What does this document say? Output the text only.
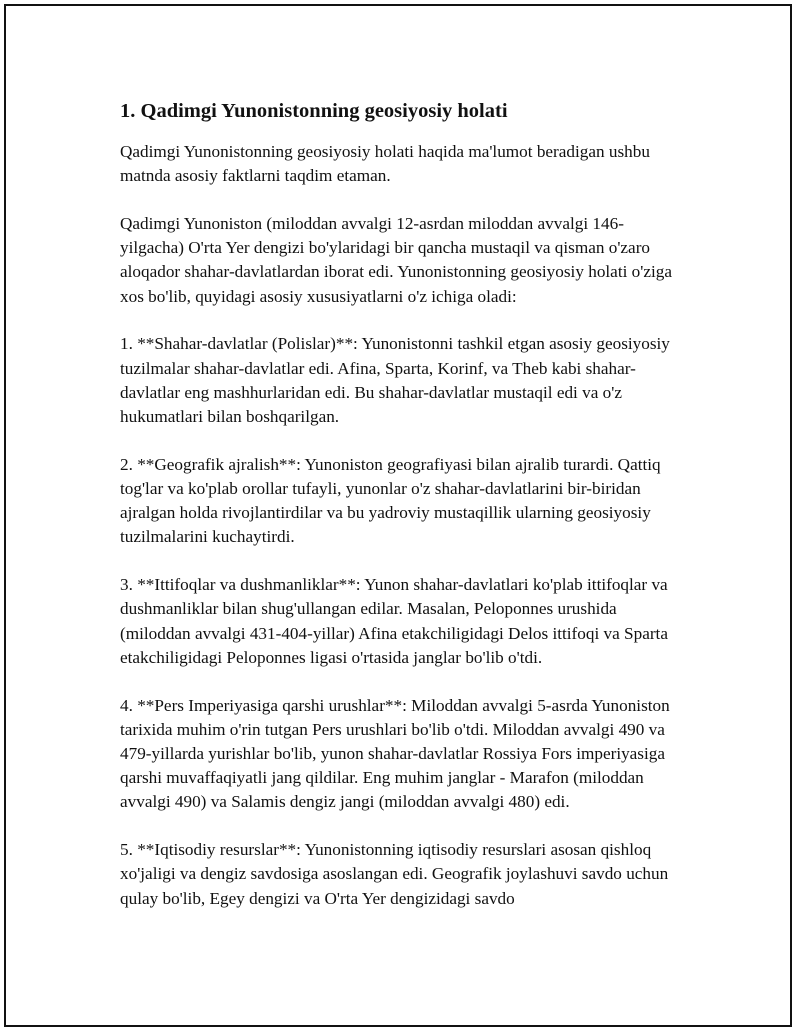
1. Qadimgi Yunonistonning geosiyosiy holati
Qadimgi Yunonistonning geosiyosiy holati haqida ma'lumot beradigan ushbu matnda asosiy faktlarni taqdim etaman.
Qadimgi Yunoniston (miloddan avvalgi 12-asrdan miloddan avvalgi 146-yilgacha) O'rta Yer dengizi bo'ylaridagi bir qancha mustaqil va qisman o'zaro aloqador shahar-davlatlardan iborat edi. Yunonistonning geosiyosiy holati o'ziga xos bo'lib, quyidagi asosiy xususiyatlarni o'z ichiga oladi:
1. **Shahar-davlatlar (Polislar)**: Yunonistonni tashkil etgan asosiy geosiyosiy tuzilmalar shahar-davlatlar edi. Afina, Sparta, Korinf, va Theb kabi shahar-davlatlar eng mashhurlaridan edi. Bu shahar-davlatlar mustaqil edi va o'z hukumatlari bilan boshqarilgan.
2. **Geografik ajralish**: Yunoniston geografiyasi bilan ajralib turardi. Qattiq tog'lar va ko'plab orollar tufayli, yunonlar o'z shahar-davlatlarini bir-biridan ajralgan holda rivojlantirdilar va bu yadroviy mustaqillik ularning geosiyosiy tuzilmalarini kuchaytirdi.
3. **Ittifoqlar va dushmanliklar**: Yunon shahar-davlatlari ko'plab ittifoqlar va dushmanliklar bilan shug'ullangan edilar. Masalan, Peloponnes urushida (miloddan avvalgi 431-404-yillar) Afina etakchiligidagi Delos ittifoqi va Sparta etakchiligidagi Peloponnes ligasi o'rtasida janglar bo'lib o'tdi.
4. **Pers Imperiyasiga qarshi urushlar**: Miloddan avvalgi 5-asrda Yunoniston tarixida muhim o'rin tutgan Pers urushlari bo'lib o'tdi. Miloddan avvalgi 490 va 479-yillarda yurishlar bo'lib, yunon shahar-davlatlar Rossiya Fors imperiyasiga qarshi muvaffaqiyatli jang qildilar. Eng muhim janglar - Marafon (miloddan avvalgi 490) va Salamis dengiz jangi (miloddan avvalgi 480) edi.
5. **Iqtisodiy resurslar**: Yunonistonning iqtisodiy resurslari asosan qishloq xo'jaligi va dengiz savdosiga asoslangan edi. Geografik joylashuvi savdo uchun qulay bo'lib, Egey dengizi va O'rta Yer dengizidagi savdo
